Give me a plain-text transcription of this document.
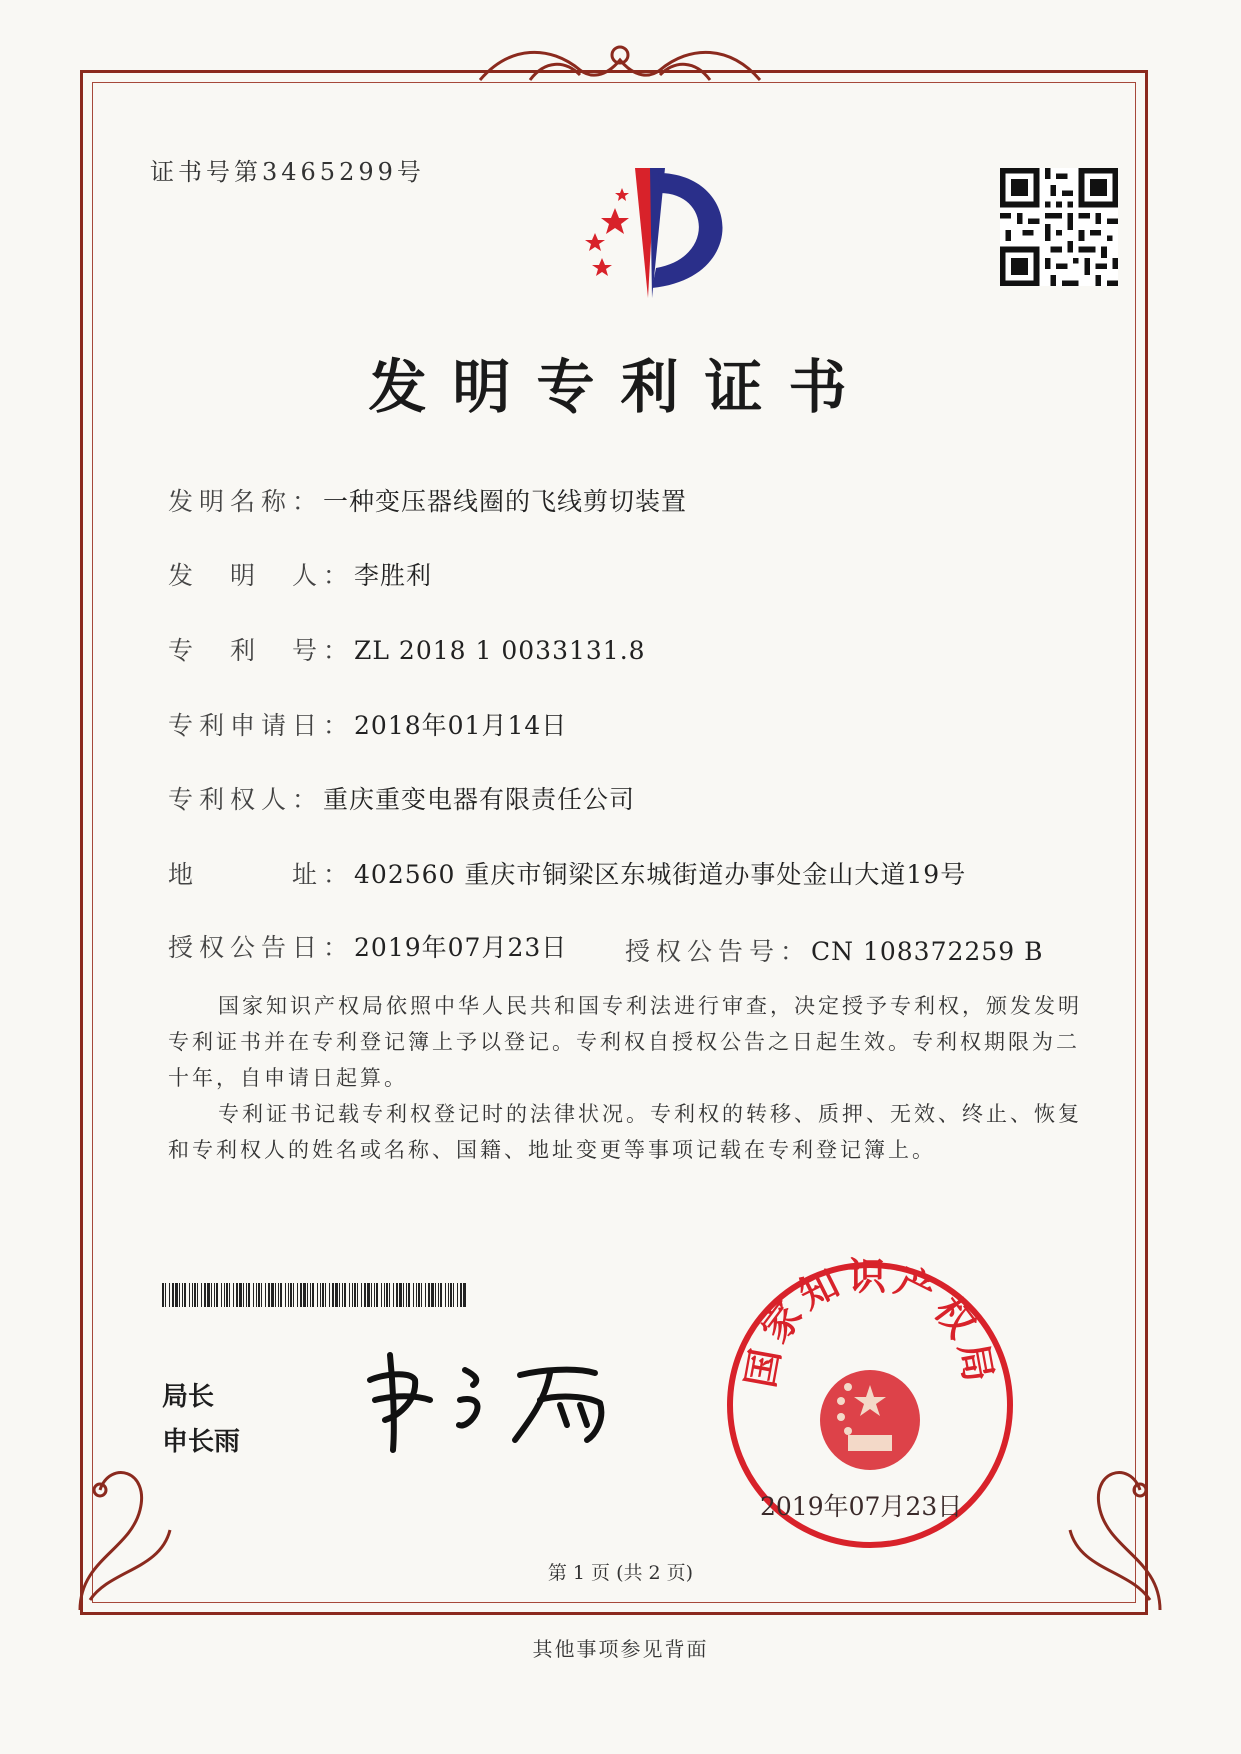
证书号第3465299号
发明专利证书
发明名称：一种变压器线圈的飞线剪切装置
发　明　人：李胜利
专　利　号：ZL 2018 1 0033131.8
专利申请日：2018年01月14日
专利权人：重庆重变电器有限责任公司
地　　　址：402560 重庆市铜梁区东城街道办事处金山大道19号
授权公告日：2019年07月23日 授权公告号：CN 108372259 B
国家知识产权局依照中华人民共和国专利法进行审查，决定授予专利权，颁发发明专利证书并在专利登记簿上予以登记。专利权自授权公告之日起生效。专利权期限为二十年，自申请日起算。
专利证书记载专利权登记时的法律状况。专利权的转移、质押、无效、终止、恢复和专利权人的姓名或名称、国籍、地址变更等事项记载在专利登记簿上。
局长
申长雨
国家知识产权局
2019年07月23日
第 1 页 (共 2 页)
其他事项参见背面
